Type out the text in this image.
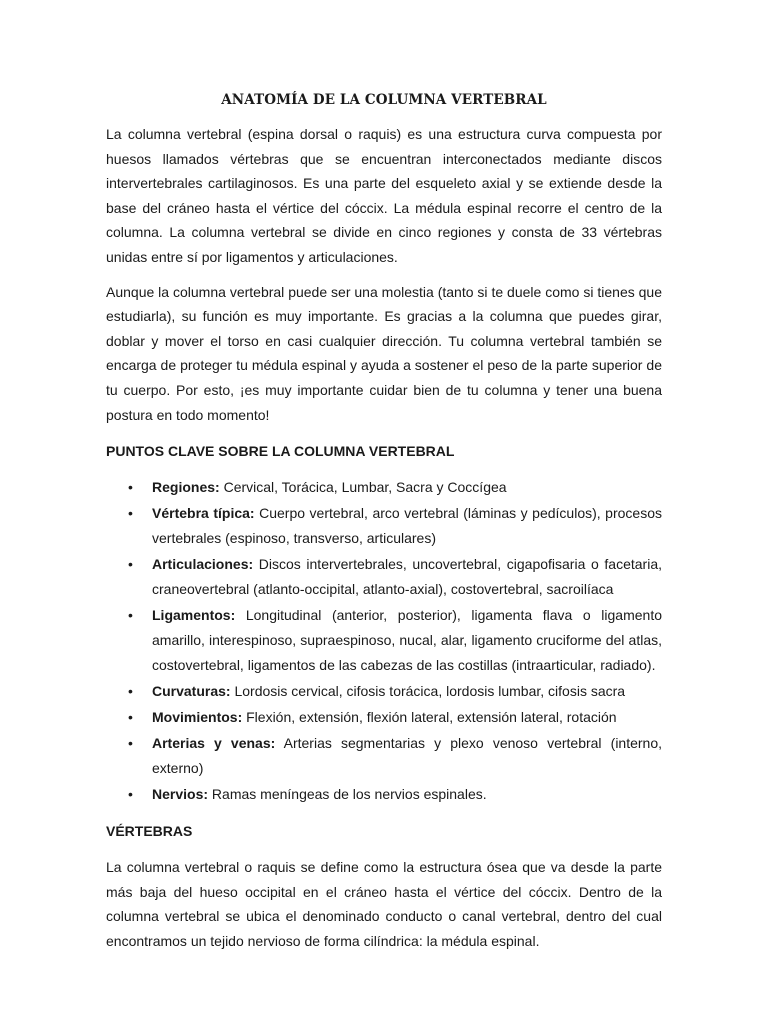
ANATOMÍA DE LA COLUMNA VERTEBRAL

La columna vertebral (espina dorsal o raquis) es una estructura curva compuesta por huesos llamados vértebras que se encuentran interconectados mediante discos intervertebrales cartilaginosos. Es una parte del esqueleto axial y se extiende desde la base del cráneo hasta el vértice del cóccix. La médula espinal recorre el centro de la columna. La columna vertebral se divide en cinco regiones y consta de 33 vértebras unidas entre sí por ligamentos y articulaciones.

Aunque la columna vertebral puede ser una molestia (tanto si te duele como si tienes que estudiarla), su función es muy importante. Es gracias a la columna que puedes girar, doblar y mover el torso en casi cualquier dirección. Tu columna vertebral también se encarga de proteger tu médula espinal y ayuda a sostener el peso de la parte superior de tu cuerpo. Por esto, ¡es muy importante cuidar bien de tu columna y tener una buena postura en todo momento!

PUNTOS CLAVE SOBRE LA COLUMNA VERTEBRAL
• Regiones: Cervical, Torácica, Lumbar, Sacra y Coccígea
• Vértebra típica: Cuerpo vertebral, arco vertebral (láminas y pedículos), procesos vertebrales (espinoso, transverso, articulares)
• Articulaciones: Discos intervertebrales, uncovertebral, cigapofisaria o facetaria, craneovertebral (atlanto-occipital, atlanto-axial), costovertebral, sacroilíaca
• Ligamentos: Longitudinal (anterior, posterior), ligamenta flava o ligamento amarillo, interespinoso, supraespinoso, nucal, alar, ligamento cruciforme del atlas, costovertebral, ligamentos de las cabezas de las costillas (intraarticular, radiado).
• Curvaturas: Lordosis cervical, cifosis torácica, lordosis lumbar, cifosis sacra
• Movimientos: Flexión, extensión, flexión lateral, extensión lateral, rotación
• Arterias y venas: Arterias segmentarias y plexo venoso vertebral (interno, externo)
• Nervios: Ramas meníngeas de los nervios espinales.
VÉRTEBRAS

La columna vertebral o raquis se define como la estructura ósea que va desde la parte más baja del hueso occipital en el cráneo hasta el vértice del cóccix. Dentro de la columna vertebral se ubica el denominado conducto o canal vertebral, dentro del cual encontramos un tejido nervioso de forma cilíndrica: la médula espinal.
